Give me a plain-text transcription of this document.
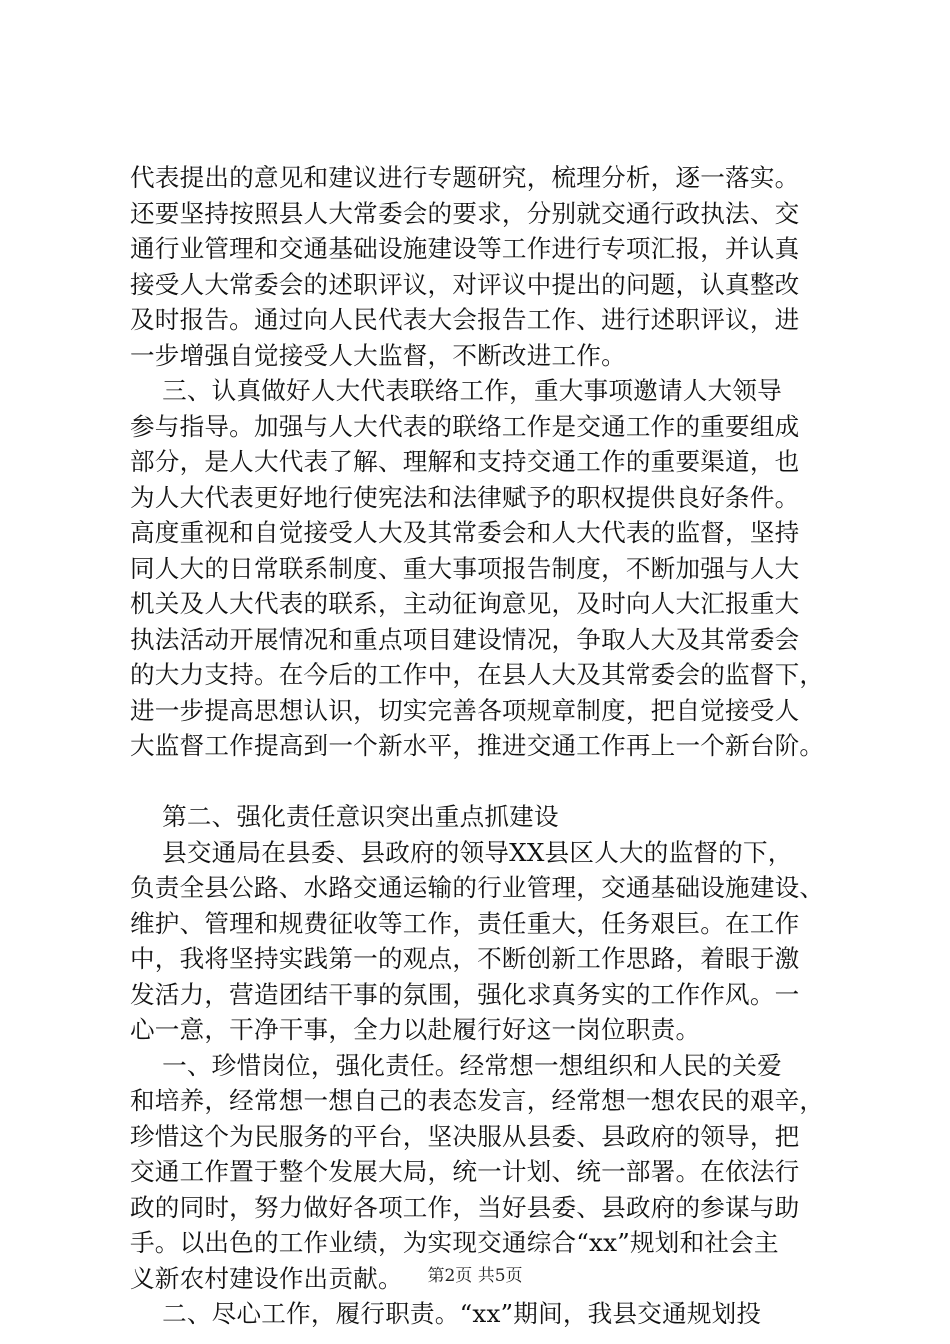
代表提出的意见和建议进行专题研究，梳理分析，逐一落实。
还要坚持按照县人大常委会的要求，分别就交通行政执法、交
通行业管理和交通基础设施建设等工作进行专项汇报，并认真
接受人大常委会的述职评议，对评议中提出的问题，认真整改
及时报告。通过向人民代表大会报告工作、进行述职评议，进
一步增强自觉接受人大监督，不断改进工作。
三、认真做好人大代表联络工作，重大事项邀请人大领导
参与指导。加强与人大代表的联络工作是交通工作的重要组成
部分，是人大代表了解、理解和支持交通工作的重要渠道，也
为人大代表更好地行使宪法和法律赋予的职权提供良好条件。
高度重视和自觉接受人大及其常委会和人大代表的监督，坚持
同人大的日常联系制度、重大事项报告制度，不断加强与人大
机关及人大代表的联系，主动征询意见，及时向人大汇报重大
执法活动开展情况和重点项目建设情况，争取人大及其常委会
的大力支持。在今后的工作中，在县人大及其常委会的监督下，
进一步提高思想认识，切实完善各项规章制度，把自觉接受人
大监督工作提高到一个新水平，推进交通工作再上一个新台阶。
第二、强化责任意识突出重点抓建设
县交通局在县委、县政府的领导XX县区人大的监督的下，
负责全县公路、水路交通运输的行业管理，交通基础设施建设、
维护、管理和规费征收等工作，责任重大，任务艰巨。在工作
中，我将坚持实践第一的观点，不断创新工作思路，着眼于激
发活力，营造团结干事的氛围，强化求真务实的工作作风。一
心一意，干净干事，全力以赴履行好这一岗位职责。
一、珍惜岗位，强化责任。经常想一想组织和人民的关爱
和培养，经常想一想自己的表态发言，经常想一想农民的艰辛，
珍惜这个为民服务的平台，坚决服从县委、县政府的领导，把
交通工作置于整个发展大局，统一计划、统一部署。在依法行
政的同时，努力做好各项工作，当好县委、县政府的参谋与助
手。以出色的工作业绩，为实现交通综合“xx”规划和社会主
义新农村建设作出贡献。
二、尽心工作，履行职责。“xx”期间，我县交通规划投
第2页 共5页
